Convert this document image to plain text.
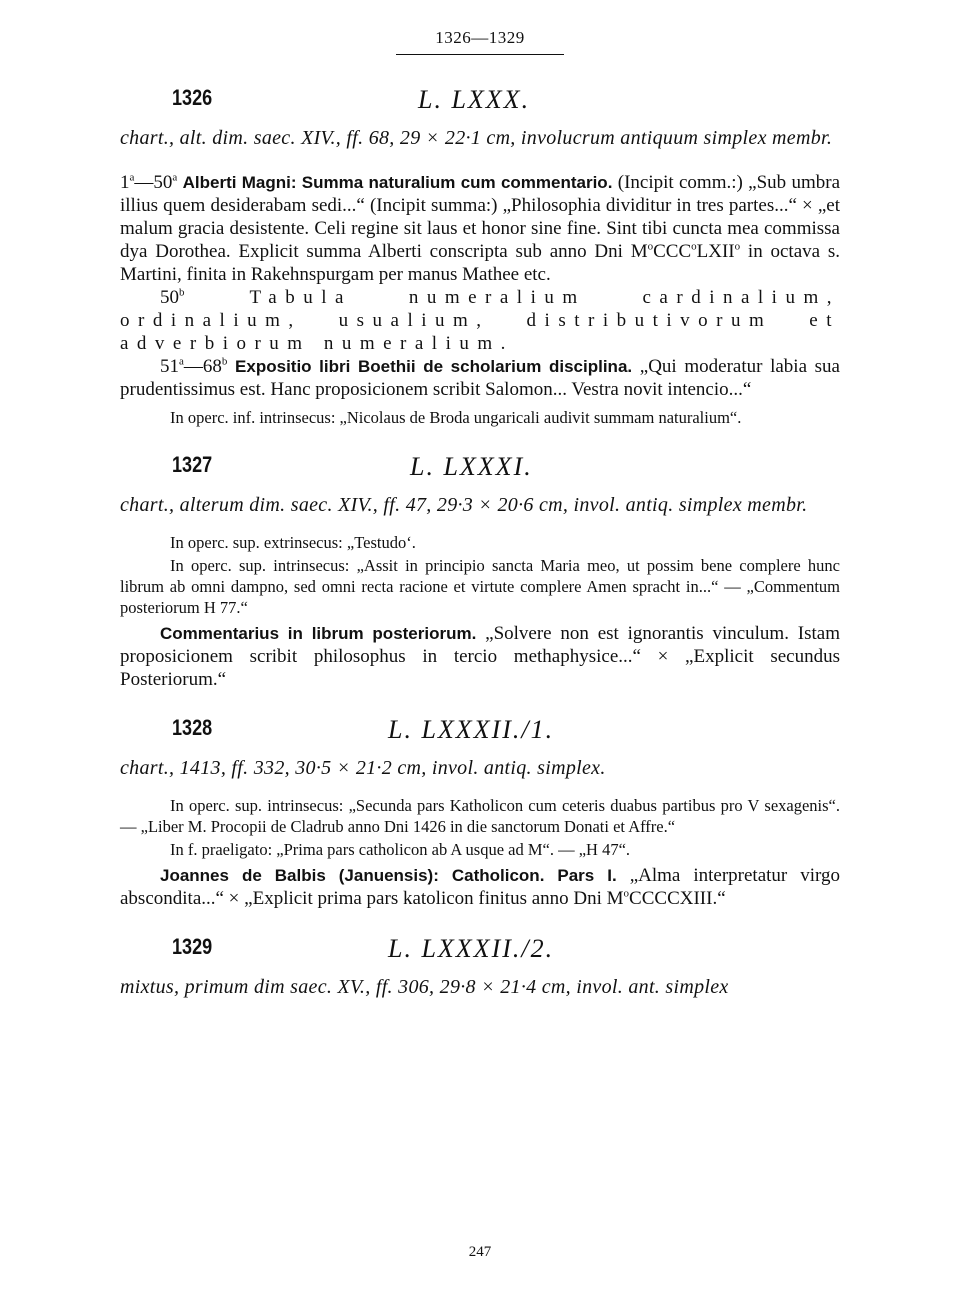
1326—1329
1326	L. LXXX.
chart., alt. dim. saec. XIV., ff. 68, 29 × 22·1 cm, involucrum antiquum simplex membr.

1$^a$—50$^a$ Alberti Magni: Summa naturalium cum commentario. (Incipit comm.:) „Sub umbra illius quem desiderabam sedi...“ (Incipit summa:) „Philosophia dividitur in tres partes...“ × „et malum gracia desistente. Celi regine sit laus et honor sine fine. Sint tibi cuncta mea commissa dya Dorothea. Explicit summa Alberti conscripta sub anno Dni $M^oCCC^oLXII^o$ in octava s. Martini, finita in Rakehnspurgam per manus Mathee etc.

50$^b$ Tabula numeralium cardinalium, ordinalium, usualium, distributivorum et adverbiorum numeralium.

51$^a$—68$^b$ Expositio libri Boethii de scholarium disciplina. „Qui moderatur labia sua prudentissimus est. Hanc proposicionem scribit Salomon... Vestra novit intencio...“

In operc. inf. intrinsecus: „Nicolaus de Broda ungaricali audivit summam naturalium“.

1327	L. LXXXI.
chart., alterum dim. saec. XIV., ff. 47, 29·3 × 20·6 cm, invol. antiq. simplex membr.

In operc. sup. extrinsecus: „Testudo‘.

In operc. sup. intrinsecus: „Assit in principio sancta Maria meo, ut possim bene complere hunc librum ab omni dampno, sed omni recta racione et virtute complere Amen spracht in...“ — „Commentum posteriorum H 77.“

Commentarius in librum posteriorum. „Solvere non est ignorantis vinculum. Istam proposicionem scribit philosophus in tercio methaphysice...“ × „Explicit secundus Posteriorum.“

1328	L. LXXXII./1.
chart., 1413, ff. 332, 30·5 × 21·2 cm, invol. antiq. simplex.

In operc. sup. intrinsecus: „Secunda pars Katholicon cum ceteris duabus partibus pro V sexagenis“. — „Liber M. Procopii de Cladrub anno Dni 1426 in die sanctorum Donati et Affre.“

In f. praeligato: „Prima pars catholicon ab A usque ad M“. — „H 47“.

Joannes de Balbis (Januensis): Catholicon. Pars I. „Alma interpretatur virgo abscondita...“ × „Explicit prima pars katolicon finitus anno Dni $M^oCCCCXIII.“$

1329	L. LXXXII./2.
mixtus, primum dim saec. XV., ff. 306, 29·8 × 21·4 cm, invol. ant. simplex
247
